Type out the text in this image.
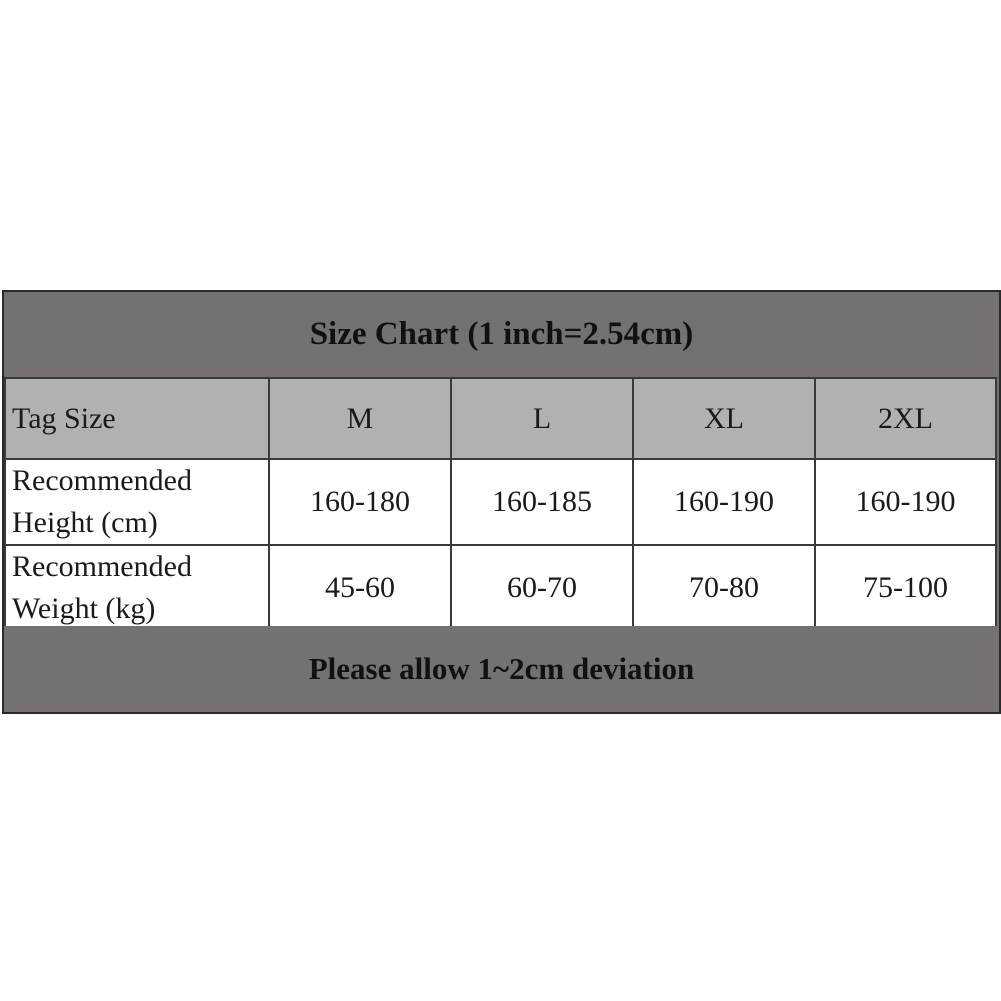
Size Chart (1 inch=2.54cm)
Tag Size	M	L	XL	2XL

Recommended
Height (cm)	160-180	160-185	160-190	160-190

Recommended
Weight (kg)	45-60	60-70	70-80	75-100
Please allow 1~2cm deviation
